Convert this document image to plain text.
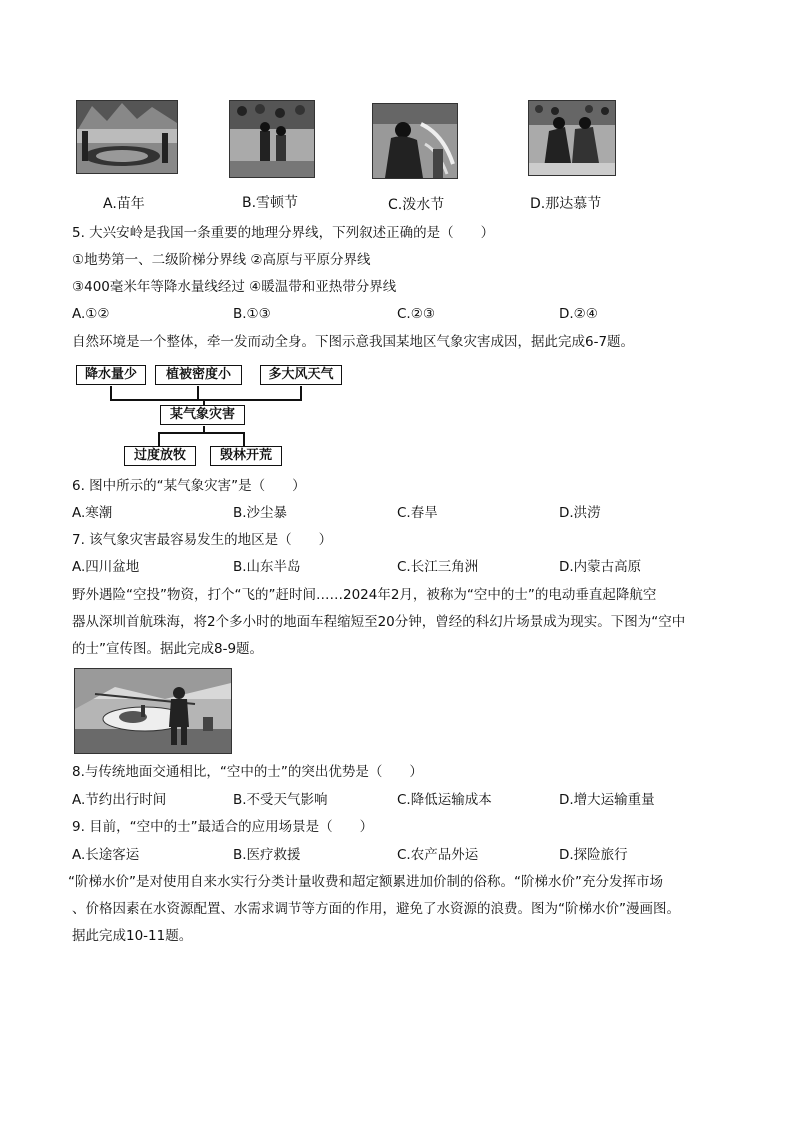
A.苗年	B.雪顿节	C.泼水节	D.那达慕节
5. 大兴安岭是我国一条重要的地理分界线，下列叙述正确的是（　　）
①地势第一、二级阶梯分界线 ②高原与平原分界线
③400毫米年等降水量线经过 ④暖温带和亚热带分界线
A.①②	B.①③	C.②③	D.②④
自然环境是一个整体，牵一发而动全身。下图示意我国某地区气象灾害成因，据此完成6-7题。
降水量少	植被密度小	多大风天气
某气象灾害
过度放牧	毁林开荒
6. 图中所示的“某气象灾害”是（　　）
A.寒潮	B.沙尘暴	C.春旱	D.洪涝
7. 该气象灾害最容易发生的地区是（　　）
A.四川盆地	B.山东半岛	C.长江三角洲	D.内蒙古高原
野外遇险“空投”物资，打个“飞的”赶时间……2024年2月，被称为“空中的士”的电动垂直起降航空
器从深圳首航珠海，将2个多小时的地面车程缩短至20分钟，曾经的科幻片场景成为现实。下图为“空中
的士”宣传图。据此完成8-9题。
8.与传统地面交通相比，“空中的士”的突出优势是（　　）
A.节约出行时间	B.不受天气影响	C.降低运输成本	D.增大运输重量
9. 目前，“空中的士”最适合的应用场景是（　　）
A.长途客运	B.医疗救援	C.农产品外运	D.探险旅行
“阶梯水价”是对使用自来水实行分类计量收费和超定额累进加价制的俗称。“阶梯水价”充分发挥市场
、价格因素在水资源配置、水需求调节等方面的作用，避免了水资源的浪费。图为“阶梯水价”漫画图。
据此完成10-11题。
